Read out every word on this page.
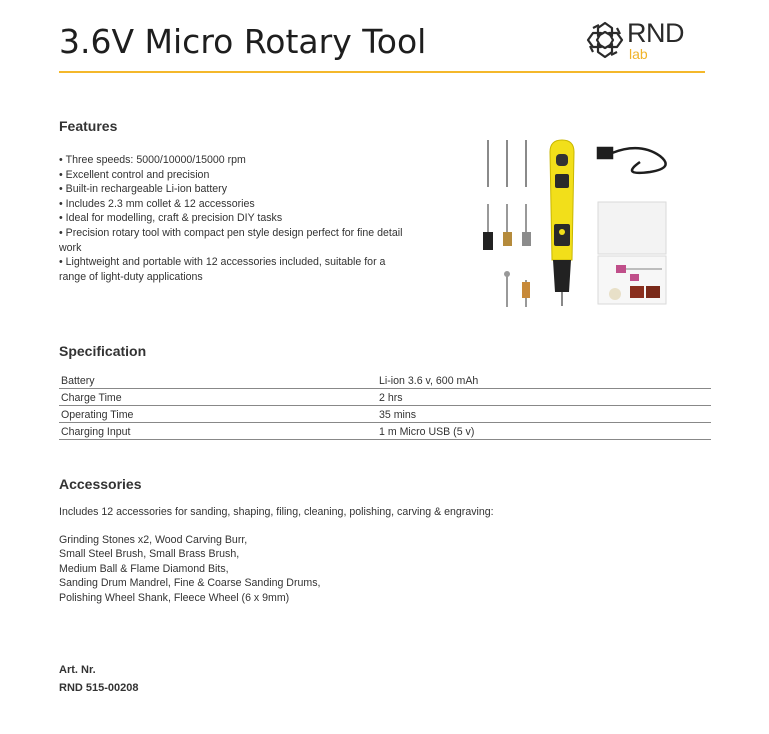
3.6V Micro Rotary Tool	RND
lab
Features
• Three speeds: 5000/10000/15000 rpm
• Excellent control and precision
• Built-in rechargeable Li-ion battery
• Includes 2.3 mm collet & 12 accessories
• Ideal for modelling, craft & precision DIY tasks
• Precision rotary tool with compact pen style design perfect for fine detail work
• Lightweight and portable with 12 accessories included, suitable for a range of light-duty applications
Specification
Battery	Li-ion 3.6 v, 600 mAh
Charge Time	2 hrs
Operating Time	35 mins
Charging Input	1 m Micro USB (5 v)
Accessories
Includes 12 accessories for sanding, shaping, filing, cleaning, polishing, carving & engraving:
Grinding Stones x2, Wood Carving Burr,
Small Steel Brush, Small Brass Brush,
Medium Ball & Flame Diamond Bits,
Sanding Drum Mandrel, Fine & Coarse Sanding Drums,
Polishing Wheel Shank, Fleece Wheel (6 x 9mm)
Art. Nr.
RND 515-00208
